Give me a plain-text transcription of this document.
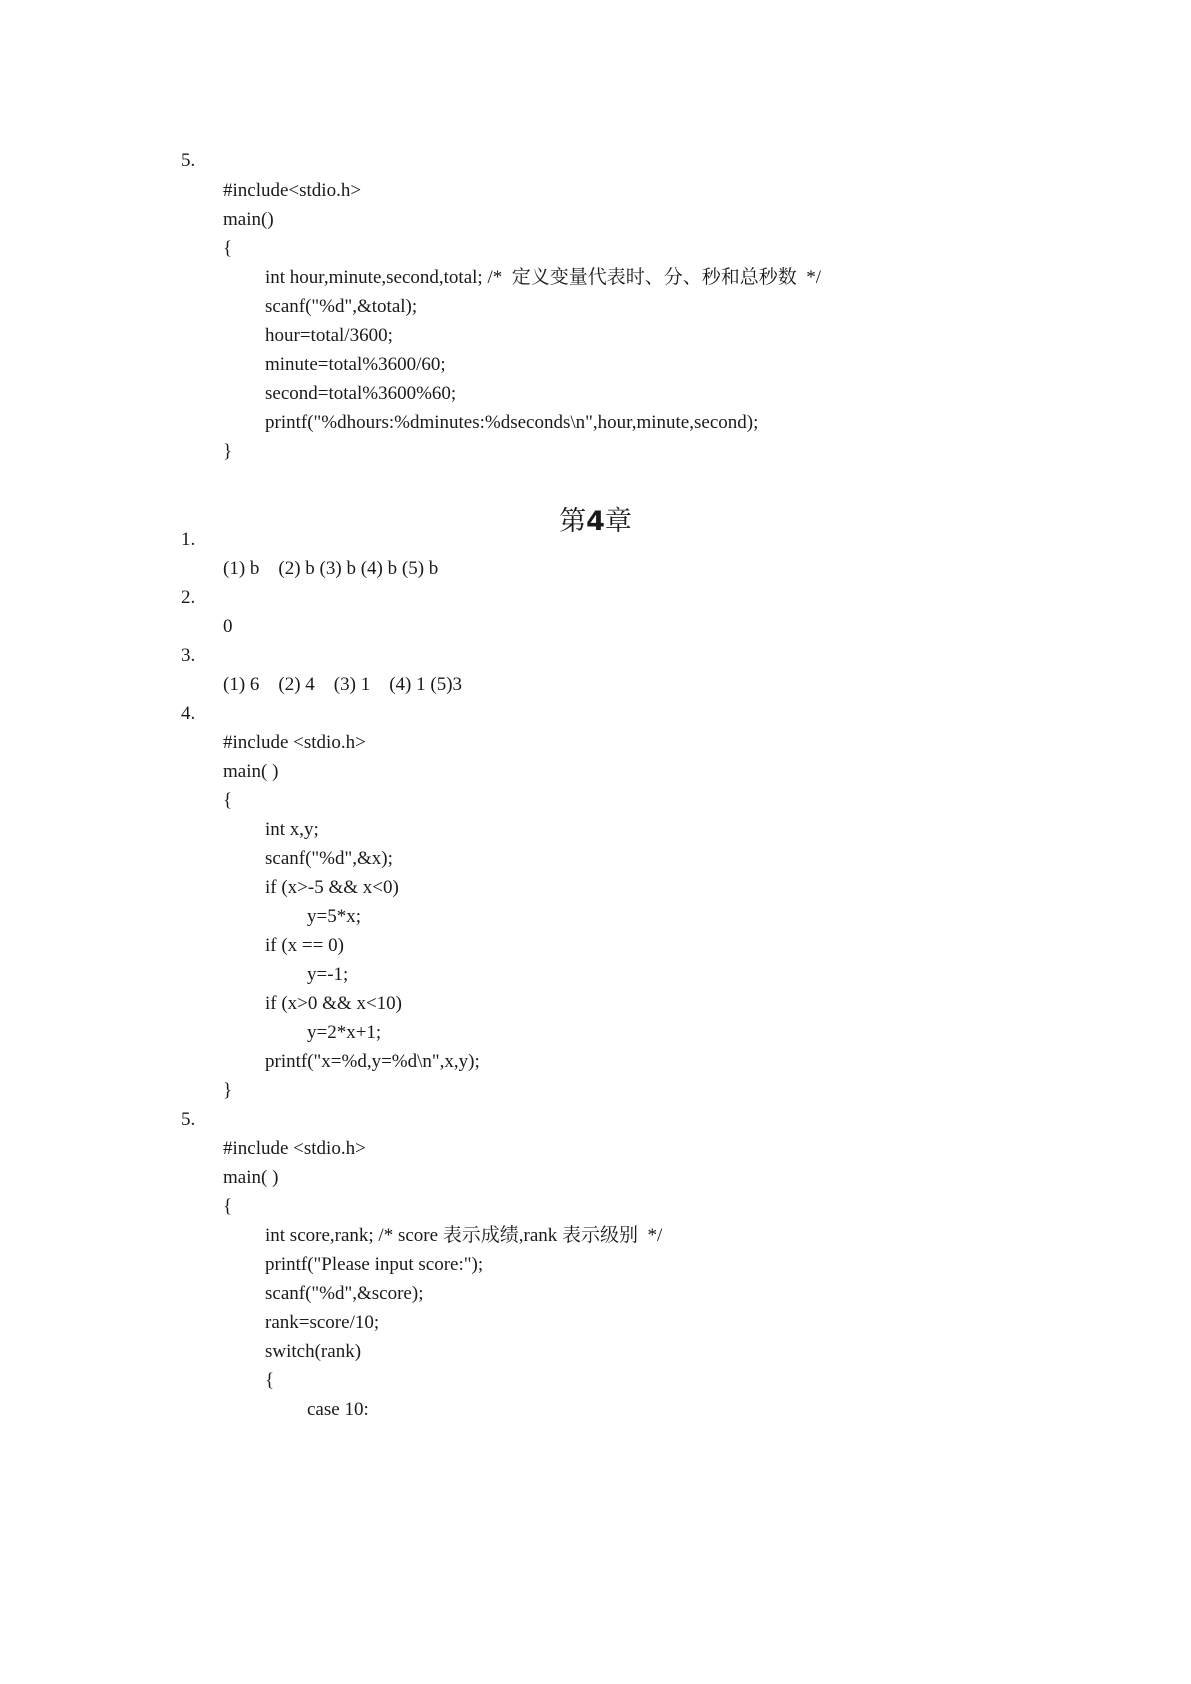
5.
#include<stdio.h>
main()
{
int hour,minute,second,total; /*  定义变量代表时、分、秒和总秒数  */
scanf("%d",&total);
hour=total/3600;
minute=total%3600/60;
second=total%3600%60;
printf("%dhours:%dminutes:%dseconds\n",hour,minute,second);
}
第4章
1.
(1) b    (2) b (3) b (4) b (5) b
2.
0
3.
(1) 6    (2) 4    (3) 1    (4) 1 (5)3
4.
#include <stdio.h>
main( )
{
int x,y;
scanf("%d",&x);
if (x>-5 && x<0)
y=5*x;
if (x == 0)
y=-1;
if (x>0 && x<10)
y=2*x+1;
printf("x=%d,y=%d\n",x,y);
}
5.
#include <stdio.h>
main( )
{
int score,rank; /* score 表示成绩,rank 表示级别  */
printf("Please input score:");
scanf("%d",&score);
rank=score/10;
switch(rank)
{
case 10:
